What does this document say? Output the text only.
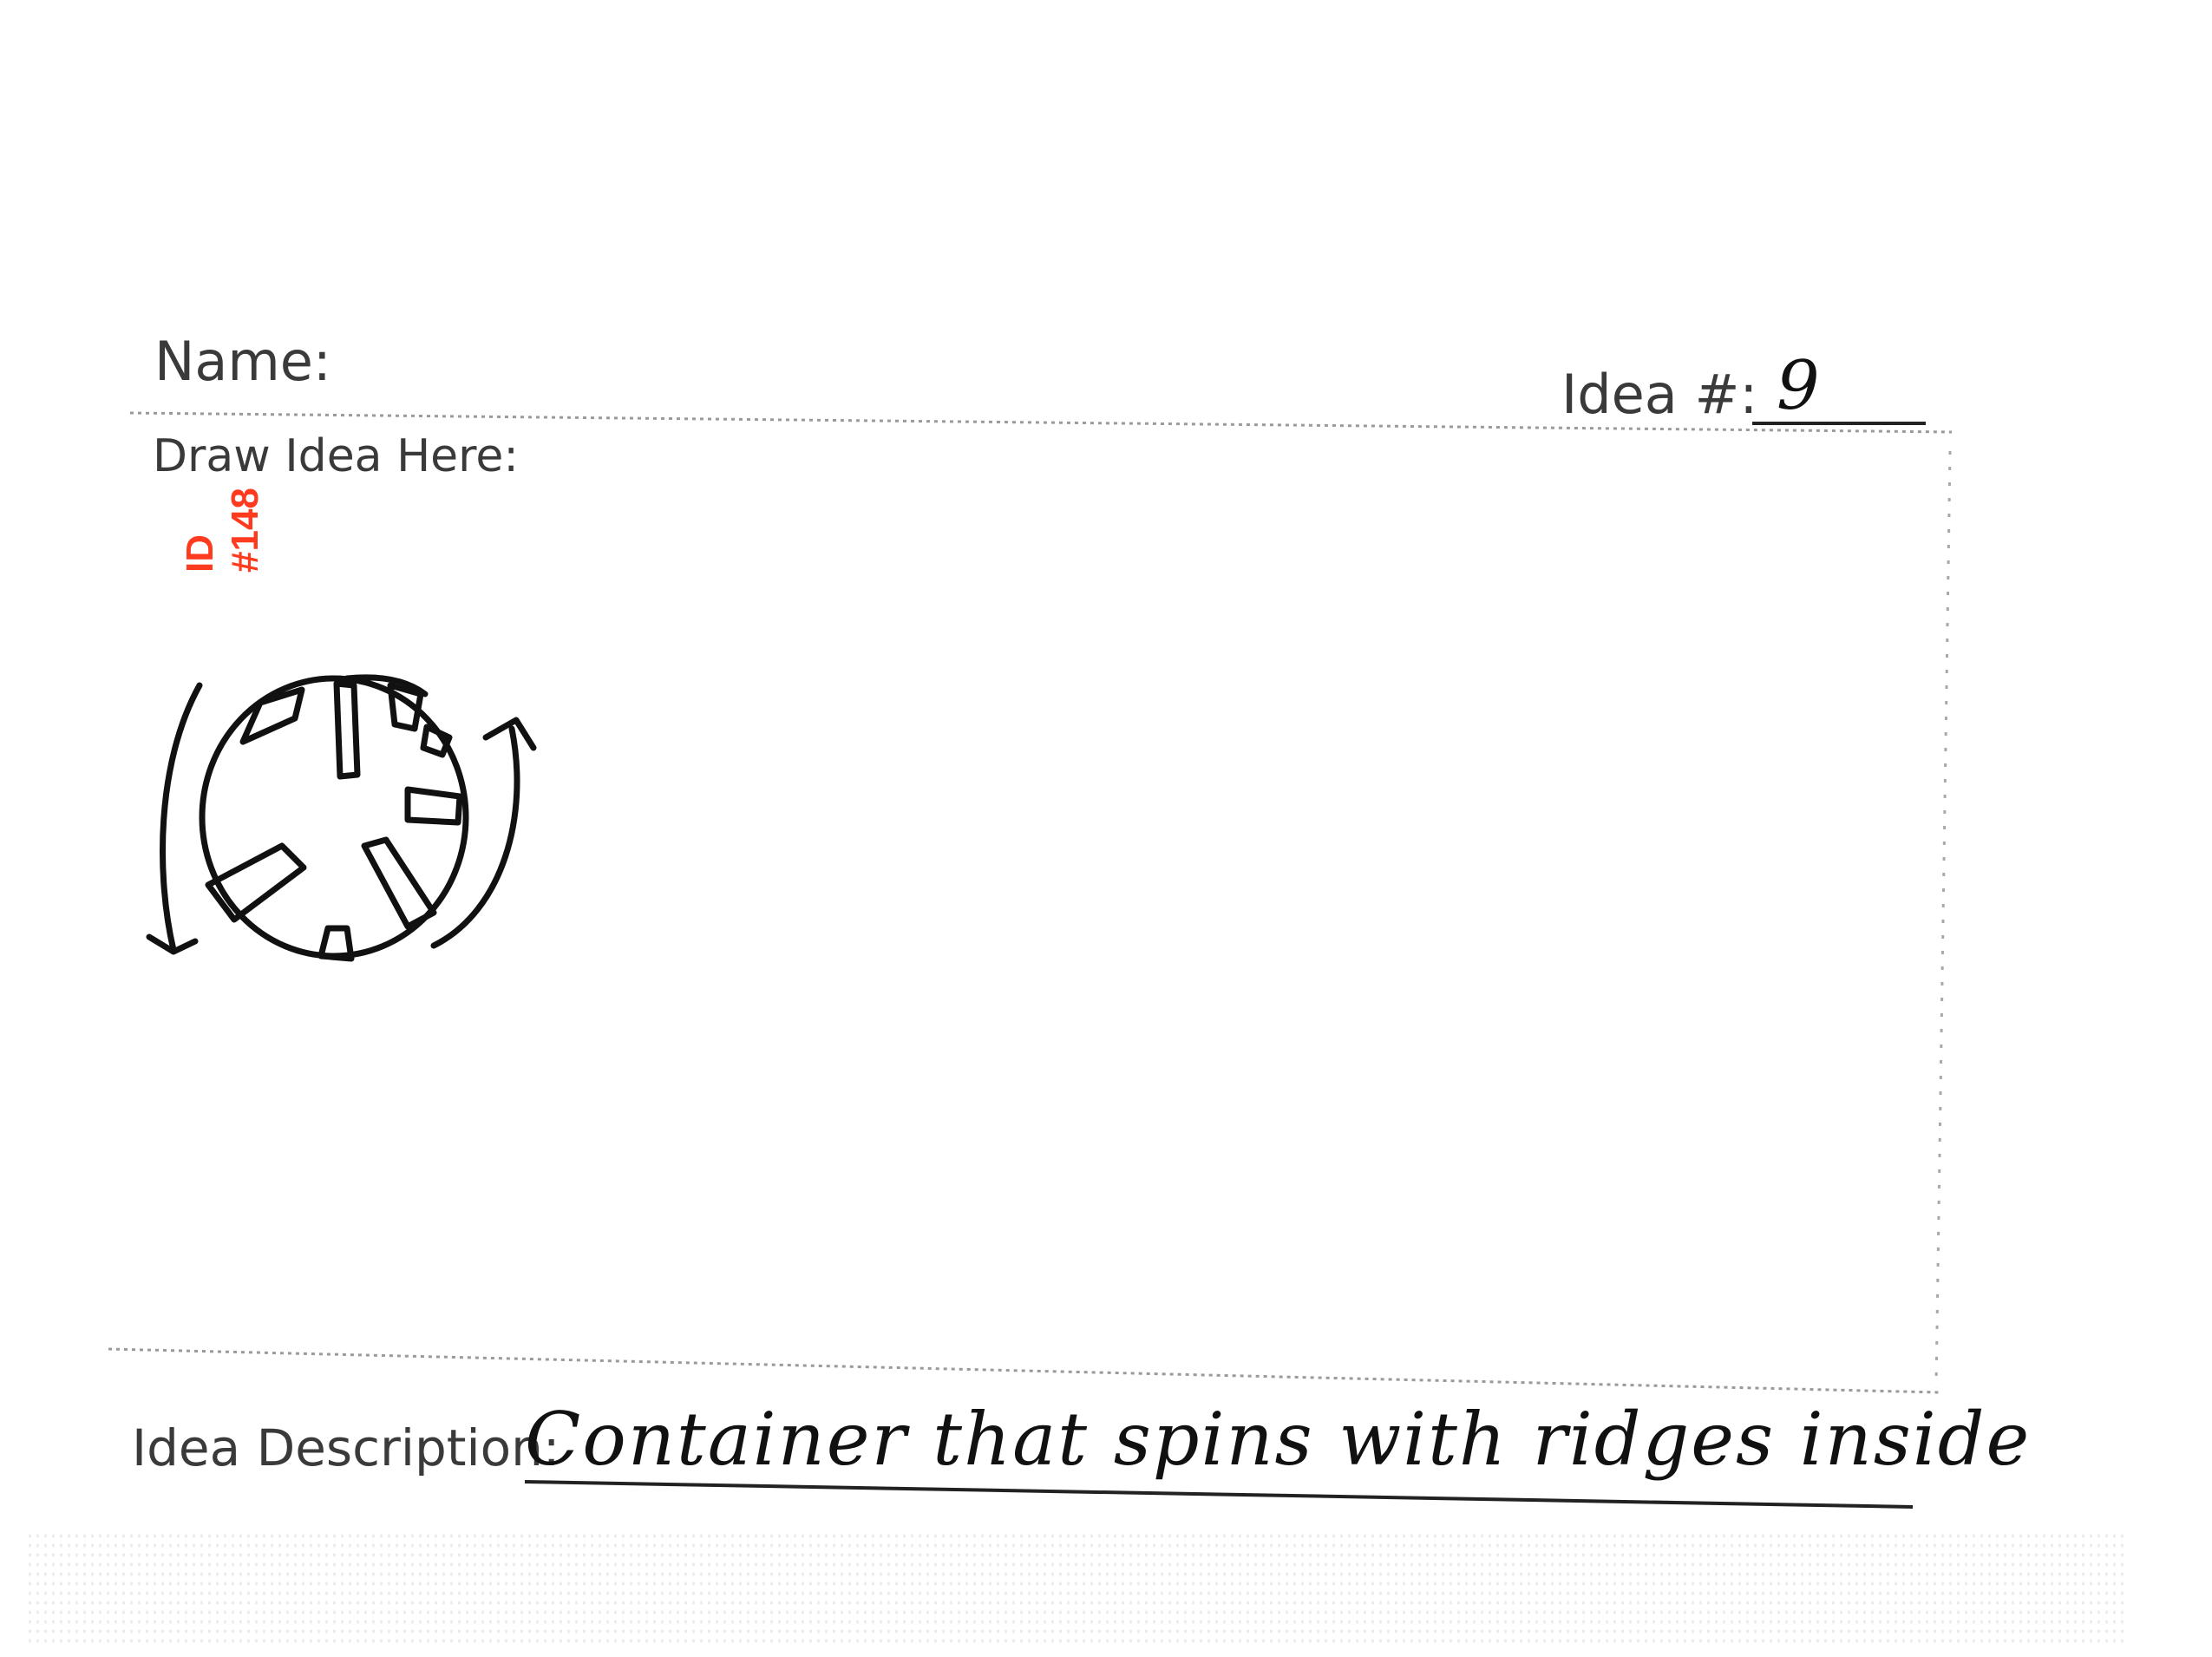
Name:
Idea #: 9
Draw Idea Here:
ID #148
Idea Description:
Container that spins with ridges inside
